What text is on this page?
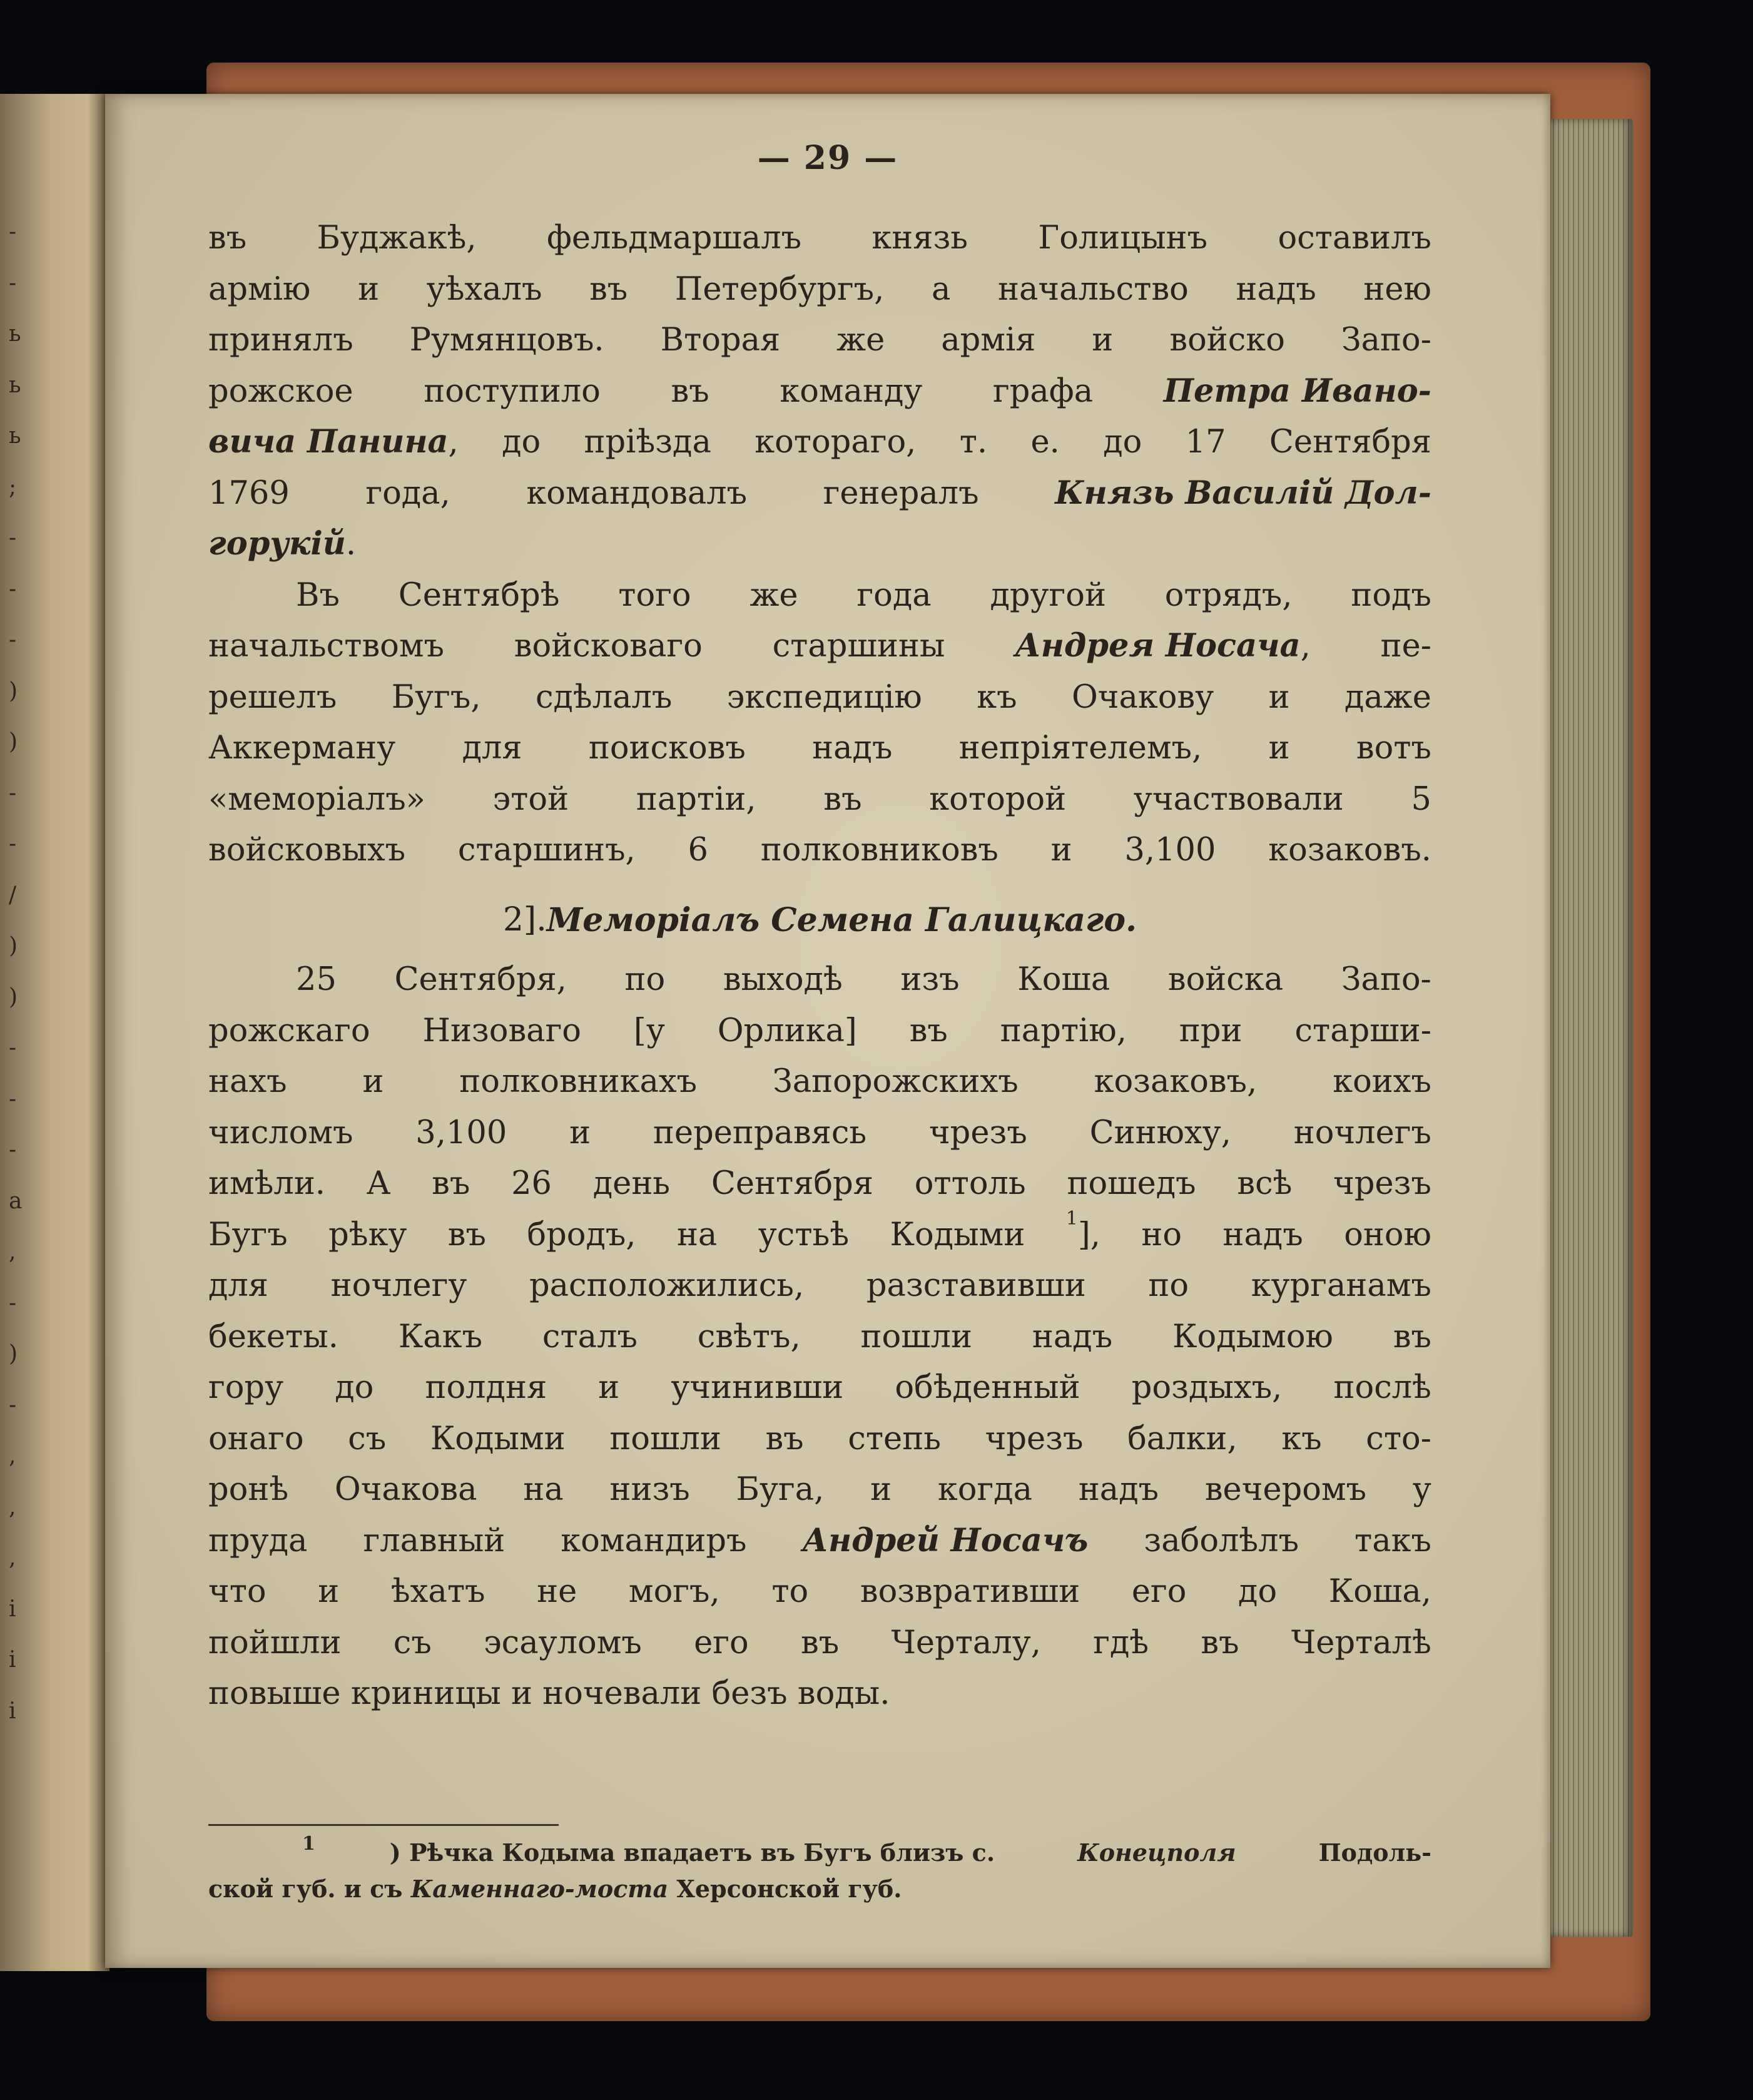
-
-
ь
ь
ь
;
-
-
-
)
)
-
-
/
)
)
-
-
-
a
,
-
)
-
,
,
,
i
i
i
— 29 —
въ Буджакѣ, фельдмаршалъ князь Голицынъ оставилъ
армію и уѣхалъ въ Петербургъ, а начальство надъ нею
принялъ Румянцовъ. Вторая же армія и войско Запо-
рожское поступило въ команду графа Петра Ивано-
вича Панина, до пріѣзда котораго, т. е. до 17 Сентября
1769 года, командовалъ генералъ Князь Василій Дол-
горукій.
Въ Сентябрѣ того же года другой отрядъ, подъ
начальствомъ войсковаго старшины Андрея Носача, пе-
решелъ Бугъ, сдѣлалъ экспедицію къ Очакову и даже
Аккерману для поисковъ надъ непріятелемъ, и вотъ
«меморіалъ» этой партіи, въ которой участвовали 5
войсковыхъ старшинъ, 6 полковниковъ и 3,100 козаковъ.
2]. Меморіалъ Семена Галицкаго.
25 Сентября, по выходѣ изъ Коша войска Запо-
рожскаго Низоваго [у Орлика] въ партію, при старши-
нахъ и полковникахъ Запорожскихъ козаковъ, коихъ
числомъ 3,100 и переправясь чрезъ Синюху, ночлегъ
имѣли. А въ 26 день Сентября оттоль пошедъ всѣ чрезъ
Бугъ рѣку въ бродъ, на устьѣ Кодыми $^1$], но надъ оною
для ночлегу расположились, разставивши по курганамъ
бекеты. Какъ сталъ свѣтъ, пошли надъ Кодымою въ
гору до полдня и учинивши обѣденный роздыхъ, послѣ
онаго съ Кодыми пошли въ степь чрезъ балки, къ сто-
ронѣ Очакова на низъ Буга, и когда надъ вечеромъ у
пруда главный командиръ Андрей Носачъ заболѣлъ такъ
что и ѣхатъ не могъ, то возвративши его до Коша,
пойшли съ эсауломъ его въ Черталу, гдѣ въ Черталѣ
повыше
криницы
и
ночевали
безъ
воды.
1	) Рѣчка Кодыма впадаетъ въ Бугъ близъ с.	Конецполя	Подоль-
ской губ. и съ Каменнаго-моста Херсонской губ.
